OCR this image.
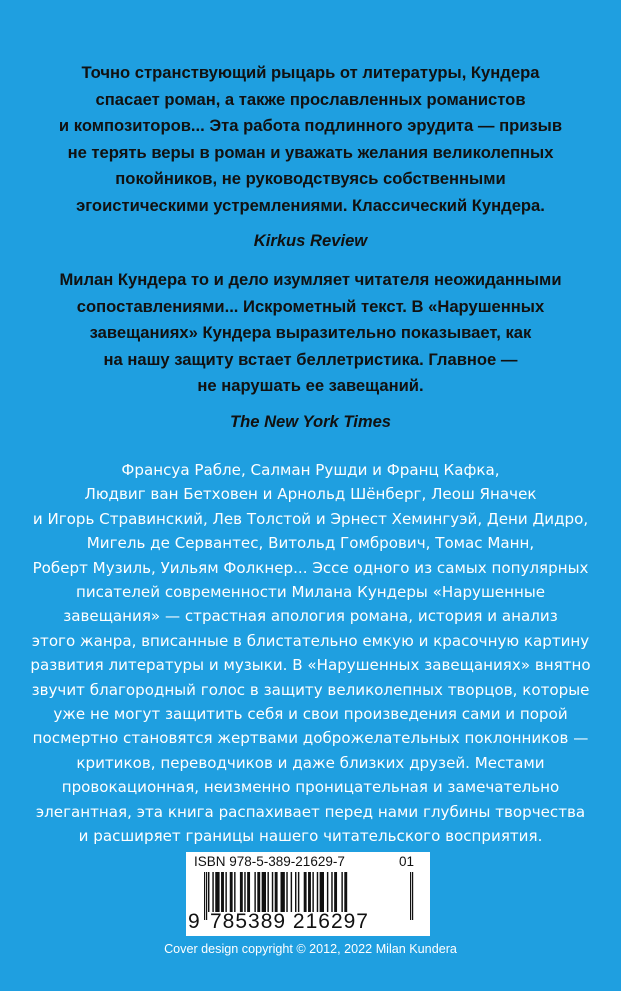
Точно странствующий рыцарь от литературы, Кундера
спасает роман, а также прославленных романистов
и композиторов... Эта работа подлинного эрудита — призыв
не терять веры в роман и уважать желания великолепных
покойников, не руководствуясь собственными
эгоистическими устремлениями. Классический Кундера.
Kirkus Review
Милан Кундера то и дело изумляет читателя неожиданными
сопоставлениями... Искрометный текст. В «Нарушенных
завещаниях» Кундера выразительно показывает, как
на нашу защиту встает беллетристика. Главное —
не нарушать ее завещаний.
The New York Times
Франсуа Рабле, Салман Рушди и Франц Кафка,
Людвиг ван Бетховен и Арнольд Шёнберг, Леош Яначек
и Игорь Стравинский, Лев Толстой и Эрнест Хемингуэй, Дени Дидро,
Мигель де Сервантес, Витольд Гомбрович, Томас Манн,
Роберт Музиль, Уильям Фолкнер... Эссе одного из самых популярных
писателей современности Милана Кундеры «Нарушенные
завещания» — страстная апология романа, история и анализ
этого жанра, вписанные в блистательно емкую и красочную картину
развития литературы и музыки. В «Нарушенных завещаниях» внятно
звучит благородный голос в защиту великолепных творцов, которые
уже не могут защитить себя и свои произведения сами и порой
посмертно становятся жертвами доброжелательных поклонников —
критиков, переводчиков и даже близких друзей. Местами
провокационная, неизменно проницательная и замечательно
элегантная, эта книга распахивает перед нами глубины творчества
и расширяет границы нашего читательского восприятия.
ISBN 978-5-389-21629-7	01
9 785389 216297
Cover design copyright © 2012, 2022 Milan Kundera
